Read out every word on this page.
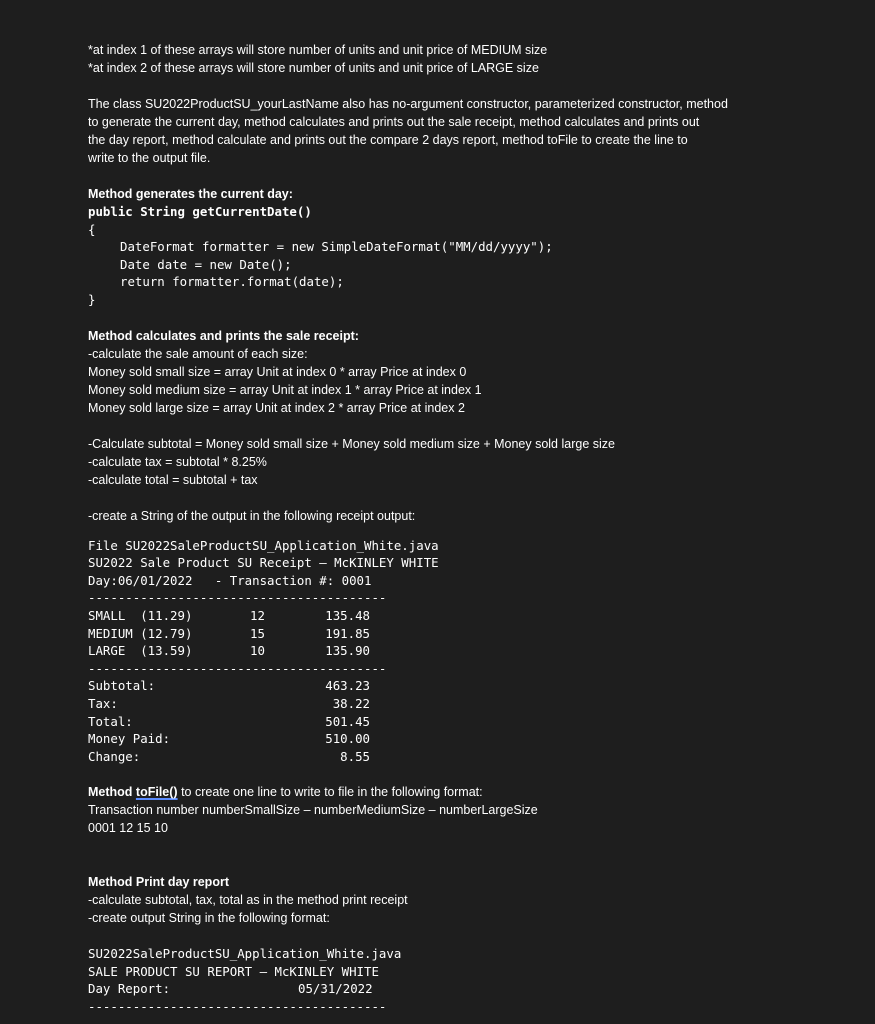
*at index 1 of these arrays will store number of units and unit price of MEDIUM size

*at index 2 of these arrays will store number of units and unit price of LARGE size

The class SU2022ProductSU_yourLastName also has no-argument constructor, parameterized constructor, method

to generate the current day, method calculates and prints out the sale receipt, method calculates and prints out

the day report, method calculate and prints out the compare 2 days report, method toFile to create the line to

write to the output file.

Method generates the current day:

public String getCurrentDate()

{

DateFormat formatter = new SimpleDateFormat("MM/dd/yyyy");

Date date = new Date();

return formatter.format(date);

}

Method calculates and prints the sale receipt:

-calculate the sale amount of each size:

Money sold small size = array Unit at index 0 * array Price at index 0

Money sold medium size = array Unit at index 1 * array Price at index 1

Money sold large size = array Unit at index 2 * array Price at index 2

-Calculate subtotal = Money sold small size + Money sold medium size + Money sold large size

-calculate tax = subtotal * 8.25%

-calculate total = subtotal + tax

-create a String of the output in the following receipt output:

File SU2022SaleProductSU_Application_White.java
SU2022 Sale Product SU Receipt – McKINLEY WHITE
Day:06/01/2022   - Transaction #: 0001
----------------------------------------
SMALL  (11.29)	12	135.48
MEDIUM (12.79)	15	191.85
LARGE  (13.59)	10	135.90
----------------------------------------
Subtotal:	463.23
Tax:	38.22
Total:	501.45
Money Paid:	510.00
Change:	8.55

Method toFile() to create one line to write to file in the following format:

Transaction number numberSmallSize – numberMediumSize – numberLargeSize

0001 12 15 10

Method Print day report

-calculate subtotal, tax, total as in the method print receipt

-create output String in the following format:

SU2022SaleProductSU_Application_White.java
SALE PRODUCT SU REPORT – McKINLEY WHITE
Day Report:	05/31/2022
----------------------------------------
